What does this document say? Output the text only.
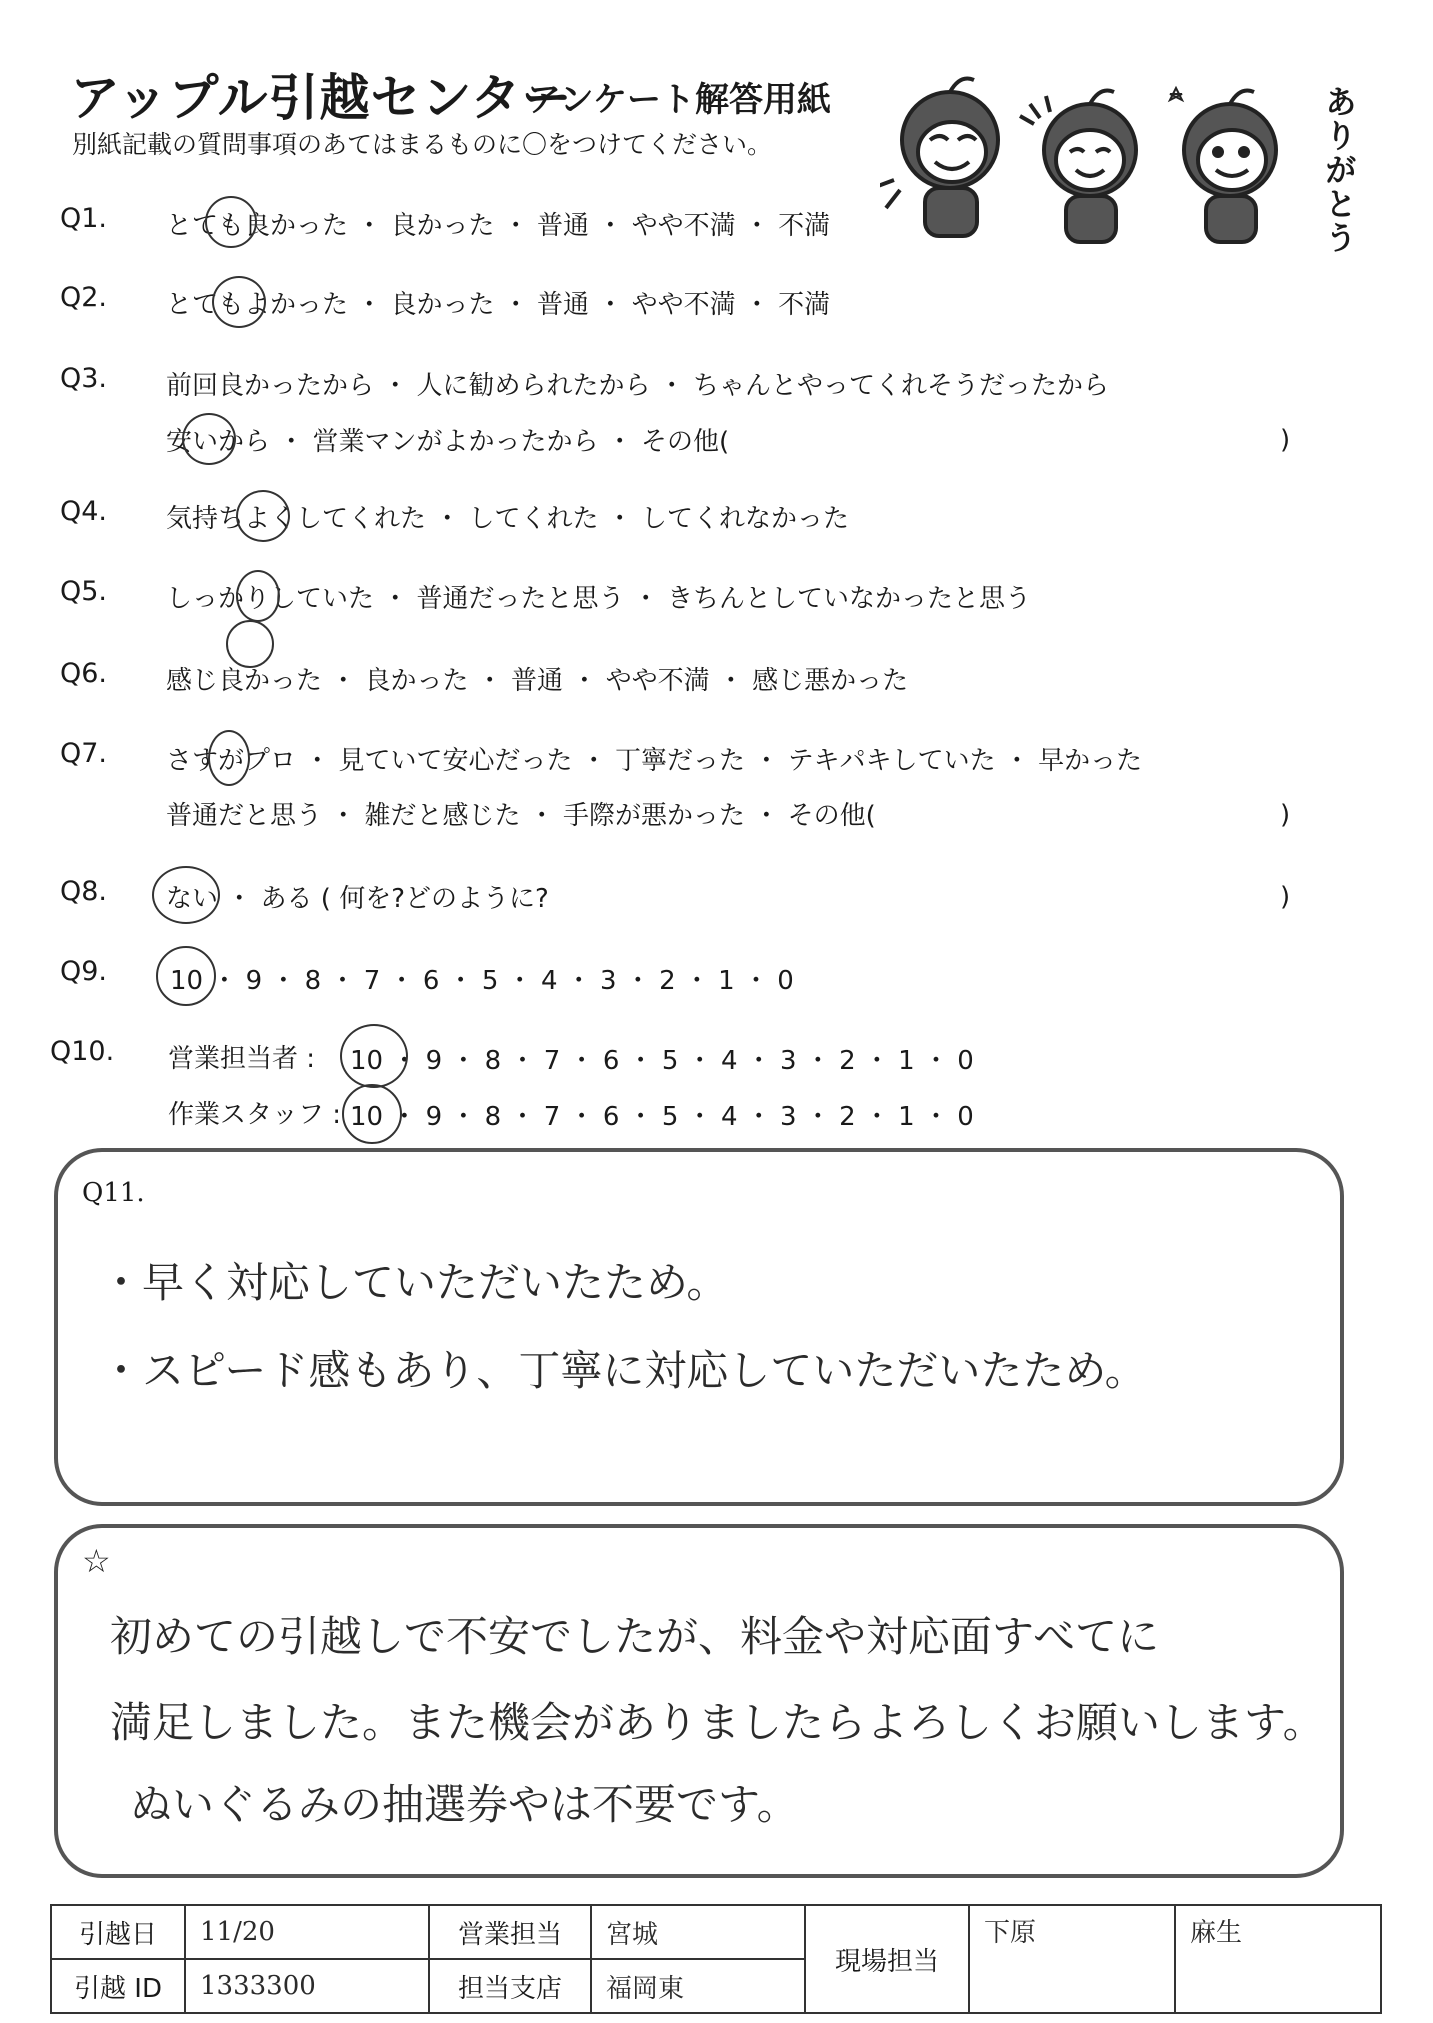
アップル引越センター
アンケート解答用紙
別紙記載の質問事項のあてはまるものに〇をつけてください。	ありがとう
Q1. とても良かった ・ 良かった ・ 普通 ・ やや不満 ・ 不満
Q2. とてもよかった ・ 良かった ・ 普通 ・ やや不満 ・ 不満
Q3. 前回良かったから ・ 人に勧められたから ・ ちゃんとやってくれそうだったから
安いから ・ 営業マンがよかったから ・ その他(	)
Q4. 気持ちよくしてくれた ・ してくれた ・ してくれなかった
Q5. しっかりしていた ・ 普通だったと思う ・ きちんとしていなかったと思う
Q6. 感じ良かった ・ 良かった ・ 普通 ・ やや不満 ・ 感じ悪かった
Q7. さすがプロ ・ 見ていて安心だった ・ 丁寧だった ・ テキパキしていた ・ 早かった
普通だと思う ・ 雑だと感じた ・ 手際が悪かった ・ その他(	)
Q8. ない ・ ある ( 何を?どのように?	)
Q9. 10 ・ 9 ・ 8 ・ 7 ・ 6 ・ 5 ・ 4 ・ 3 ・ 2 ・ 1 ・ 0
Q10. 営業担当者 : 10 ・ 9 ・ 8 ・ 7 ・ 6 ・ 5 ・ 4 ・ 3 ・ 2 ・ 1 ・ 0
作業スタッフ : 10 ・ 9 ・ 8 ・ 7 ・ 6 ・ 5 ・ 4 ・ 3 ・ 2 ・ 1 ・ 0
Q11.
・早く対応していただいたため。
・スピード感もあり、丁寧に対応していただいたため。
☆
初めての引越しで不安でしたが、料金や対応面すべてに
満足しました。また機会がありましたらよろしくお願いします。
ぬいぐるみの抽選券やは不要です。
引越日	11/20	営業担当	宮城	現場担当	下原	麻生
引越 ID	1333300	担当支店	福岡東			
